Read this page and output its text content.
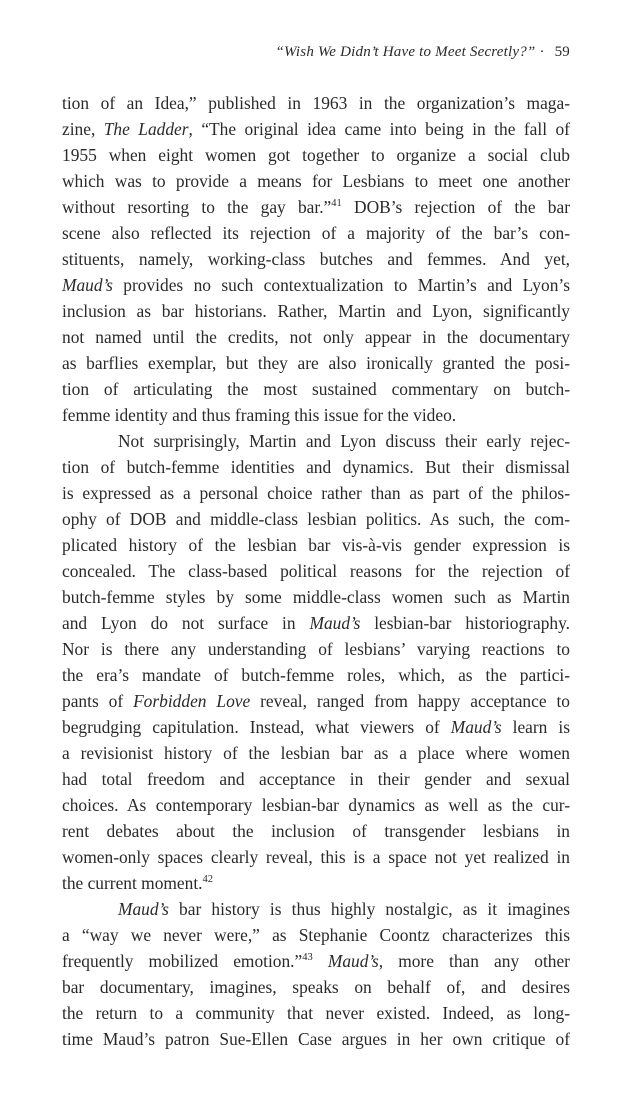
“Wish We Didn’t Have to Meet Secretly?” · 59
tion of an Idea,” published in 1963 in the organization’s maga-
zine, The Ladder, “The original idea came into being in the fall of
1955 when eight women got together to organize a social club
which was to provide a means for Lesbians to meet one another
without resorting to the gay bar.”$^{41}$ DOB’s rejection of the bar
scene also reflected its rejection of a majority of the bar’s con-
stituents, namely, working-class butches and femmes. And yet,
Maud’s provides no such contextualization to Martin’s and Lyon’s
inclusion as bar historians. Rather, Martin and Lyon, significantly
not named until the credits, not only appear in the documentary
as barflies exemplar, but they are also ironically granted the posi-
tion of articulating the most sustained commentary on butch-
femme identity and thus framing this issue for the video.
Not surprisingly, Martin and Lyon discuss their early rejec-
tion of butch-femme identities and dynamics. But their dismissal
is expressed as a personal choice rather than as part of the philos-
ophy of DOB and middle-class lesbian politics. As such, the com-
plicated history of the lesbian bar vis-à-vis gender expression is
concealed. The class-based political reasons for the rejection of
butch-femme styles by some middle-class women such as Martin
and Lyon do not surface in Maud’s lesbian-bar historiography.
Nor is there any understanding of lesbians’ varying reactions to
the era’s mandate of butch-femme roles, which, as the partici-
pants of Forbidden Love reveal, ranged from happy acceptance to
begrudging capitulation. Instead, what viewers of Maud’s learn is
a revisionist history of the lesbian bar as a place where women
had total freedom and acceptance in their gender and sexual
choices. As contemporary lesbian-bar dynamics as well as the cur-
rent debates about the inclusion of transgender lesbians in
women-only spaces clearly reveal, this is a space not yet realized in
the current moment.$^{42}$
Maud’s bar history is thus highly nostalgic, as it imagines
a “way we never were,” as Stephanie Coontz characterizes this
frequently mobilized emotion.”$^{43}$ Maud’s, more than any other
bar documentary, imagines, speaks on behalf of, and desires
the return to a community that never existed. Indeed, as long-
time Maud’s patron Sue-Ellen Case argues in her own critique of
